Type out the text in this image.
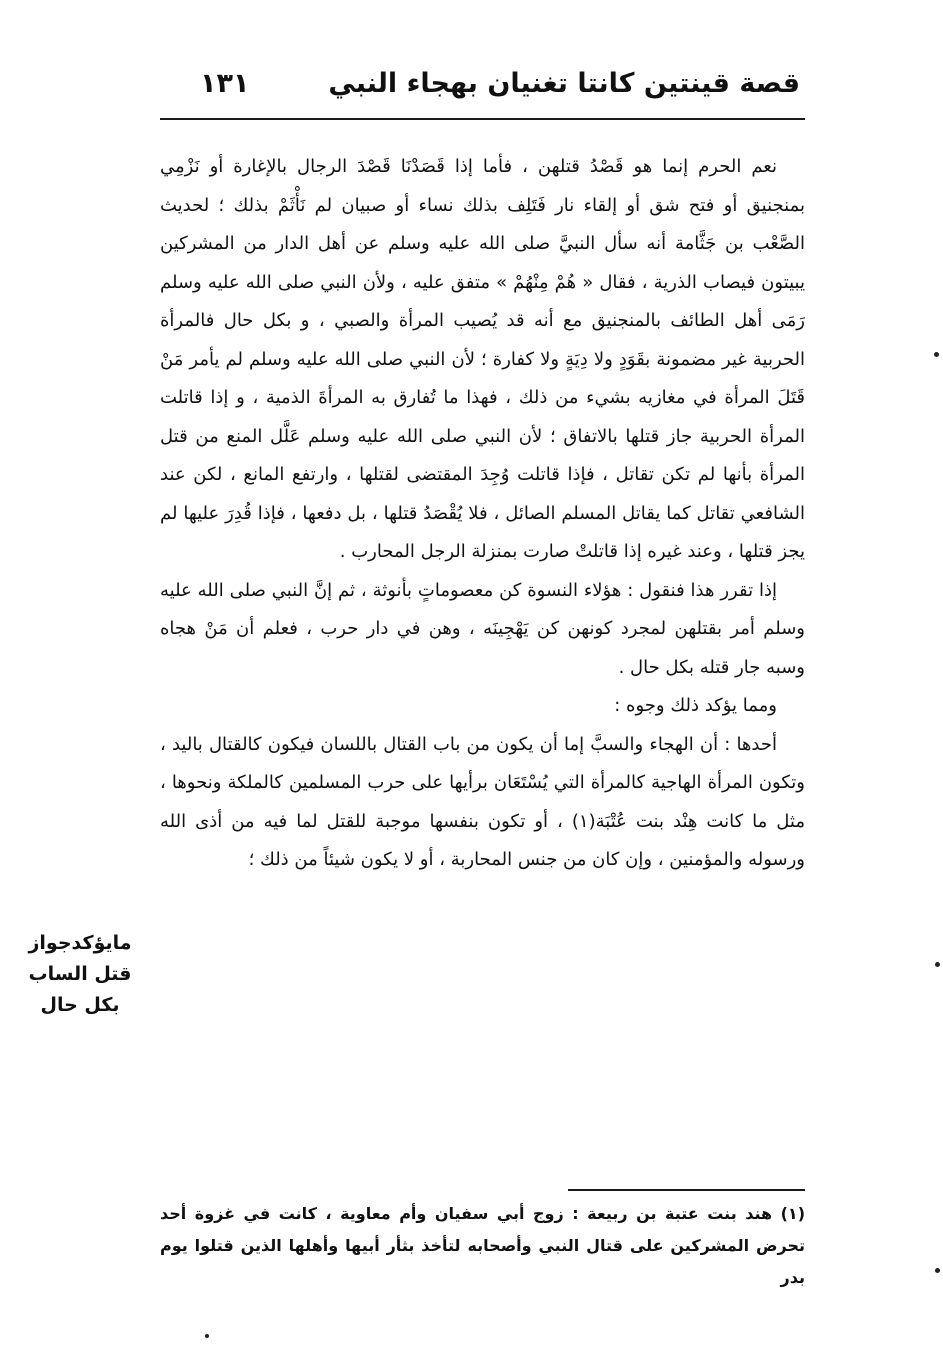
قصة قينتين كانتا تغنيان بهجاء النبي
١٣١

نعم الحرم إنما هو قَصْدُ قتلهن ، فأما إذا قَصَدْنَا قَصْدَ الرجال بالإغارة أو نَزْمِي بمنجنيق أو فتح شق أو إلقاء نار فَتَلِف بذلك نساء أو صبيان لم نَأْثَمْ بذلك ؛ لحديث الصَّعْب بن جَثَّامة أنه سأل النبيَّ صلى الله عليه وسلم عن أهل الدار من المشركين يبيتون فيصاب الذرية ، فقال « هُمْ مِنْهُمْ » متفق عليه ، ولأن النبي صلى الله عليه وسلم رَمَى أهل الطائف بالمنجنيق مع أنه قد يُصيب المرأة والصبي ، و بكل حال فالمرأة الحربية غير مضمونة بقَوَدٍ ولا دِيَةٍ ولا كفارة ؛ لأن النبي صلى الله عليه وسلم لم يأمر مَنْ قَتَلَ المرأة في مغازيه بشيء من ذلك ، فهذا ما تُفارق به المرأةَ الذمية ، و إذا قاتلت المرأة الحربية جاز قتلها بالاتفاق ؛ لأن النبي صلى الله عليه وسلم عَلَّل المنع من قتل المرأة بأنها لم تكن تقاتل ، فإذا قاتلت وُجِدَ المقتضى لقتلها ، وارتفع المانع ، لكن عند الشافعي تقاتل كما يقاتل المسلم الصائل ، فلا يُقْصَدُ قتلها ، بل دفعها ، فإذا قُدِرَ عليها لم يجز قتلها ، وعند غيره إذا قاتلتْ صارت بمنزلة الرجل المحارب .

إذا تقرر هذا فنقول : هؤلاء النسوة كن معصوماتٍ بأنوثة ، ثم إنَّ النبي صلى الله عليه وسلم أمر بقتلهن لمجرد كونهن كن يَهْجِينَه ، وهن في دار حرب ، فعلم أن مَنْ هجاه وسبه جار قتله بكل حال .

ومما يؤكد ذلك وجوه :

أحدها : أن الهجاء والسبَّ إما أن يكون من باب القتال باللسان فيكون كالقتال باليد ، وتكون المرأة الهاجية كالمرأة التي يُسْتَعَان برأيها على حرب المسلمين كالملكة ونحوها ، مثل ما كانت هِنْد بنت عُتْبَة(١) ، أو تكون بنفسها موجبة للقتل لما فيه من أذى الله ورسوله والمؤمنين ، وإن كان من جنس المحاربة ، أو لا يكون شيئاً من ذلك ؛

مايؤكدجواز
قتل الساب
بكل حال

(١) هند بنت عتبة بن ربيعة : زوج أبي سفيان وأم معاوية ، كانت في غزوة أحد تحرض المشركين على قتال النبي وأصحابه لتأخذ بثأر أبيها وأهلها الذين قتلوا يوم بدر
